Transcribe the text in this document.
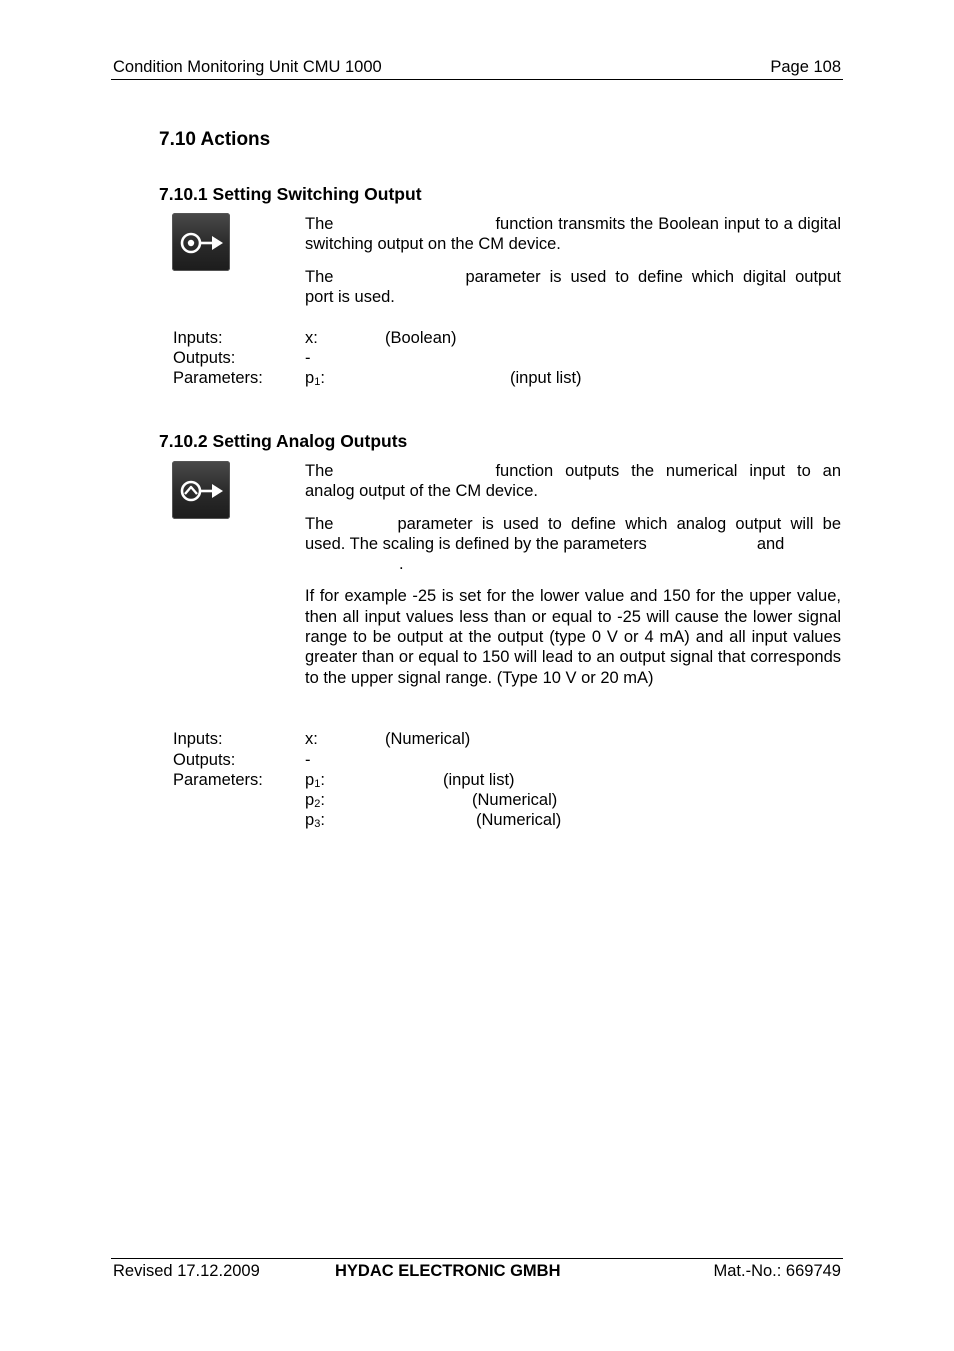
Condition Monitoring Unit CMU 1000	Page 108
7.10 Actions
7.10.1 Setting Switching Output

The	function transmits the Boolean input to a digital switching output on the CM device.

The	parameter is used to define which digital output port is used.

Inputs:	x:	(Boolean)
Outputs:	-
Parameters:	$p_1$:	(input list)
7.10.2 Setting Analog Outputs

The	function outputs the numerical input to an analog output of the CM device.

The	parameter is used to define which analog output will be used. The scaling is defined by the parameters	and
.

If for example -25 is set for the lower value and 150 for the upper value, then all input values less than or equal to -25 will cause the lower signal range to be output at the output (type 0 V or 4 mA) and all input values greater than or equal to 150 will lead to an output signal that corresponds to the upper signal range. (Type 10 V or 20 mA)

Inputs:	x:	(Numerical)
Outputs:	-
Parameters:	$p_1$:	(input list)
$p_2$:	(Numerical)
$p_3$:	(Numerical)
Revised 17.12.2009	HYDAC ELECTRONIC GMBH	Mat.-No.: 669749
